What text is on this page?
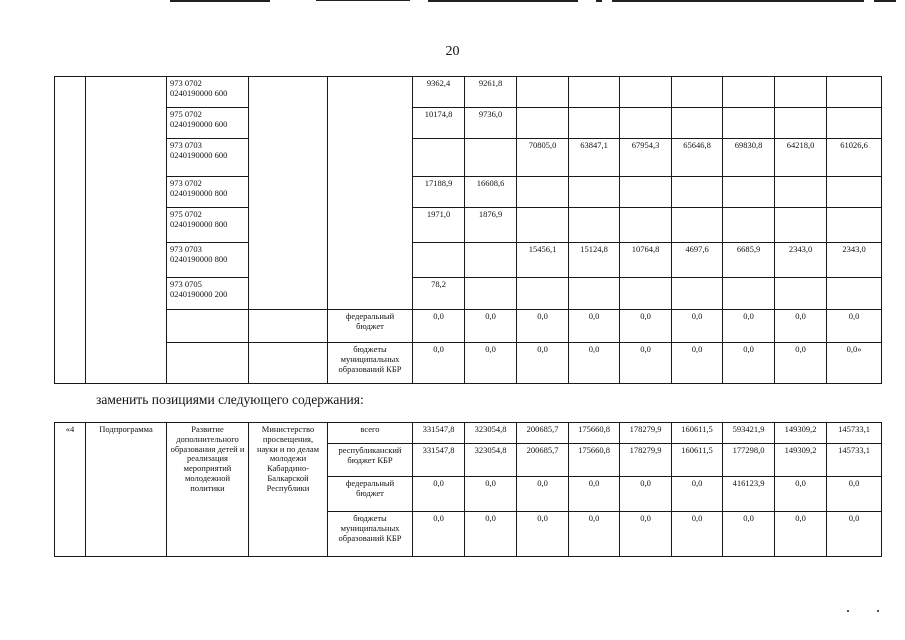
20
		973 0702
0240190000 600			9362,4	9261,8							
		975 0702
0240190000 600			10174,8	9736,0							
		973 0703
0240190000 600					70805,0	63847,1	67954,3	65646,8	69830,8	64218,0	61026,6
		973 0702
0240190000 800			17188,9	16608,6							
		975 0702
0240190000 800			1971,0	1876,9							
		973 0703
0240190000 800					15456,1	15124,8	10764,8	4697,6	6685,9	2343,0	2343,0
		973 0705
0240190000 200			78,2								
				федеральный бюджет	0,0	0,0	0,0	0,0	0,0	0,0	0,0	0,0	0,0
				бюджеты муниципальных образований КБР	0,0	0,0	0,0	0,0	0,0	0,0	0,0	0,0	0,0»
заменить позициями следующего содержания:
«4	Подпрограмма	Развитие дополнительного образования детей и реализация мероприятий молодежной политики	Министерство просвещения, науки и по делам молодежи Кабардино-Балкарской Республики	всего	331547,8	323054,8	200685,7	175660,8	178279,9	160611,5	593421,9	149309,2	145733,1
				республиканский бюджет КБР	331547,8	323054,8	200685,7	175660,8	178279,9	160611,5	177298,0	149309,2	145733,1
				федеральный бюджет	0,0	0,0	0,0	0,0	0,0	0,0	416123,9	0,0	0,0
				бюджеты муниципальных образований КБР	0,0	0,0	0,0	0,0	0,0	0,0	0,0	0,0	0,0
